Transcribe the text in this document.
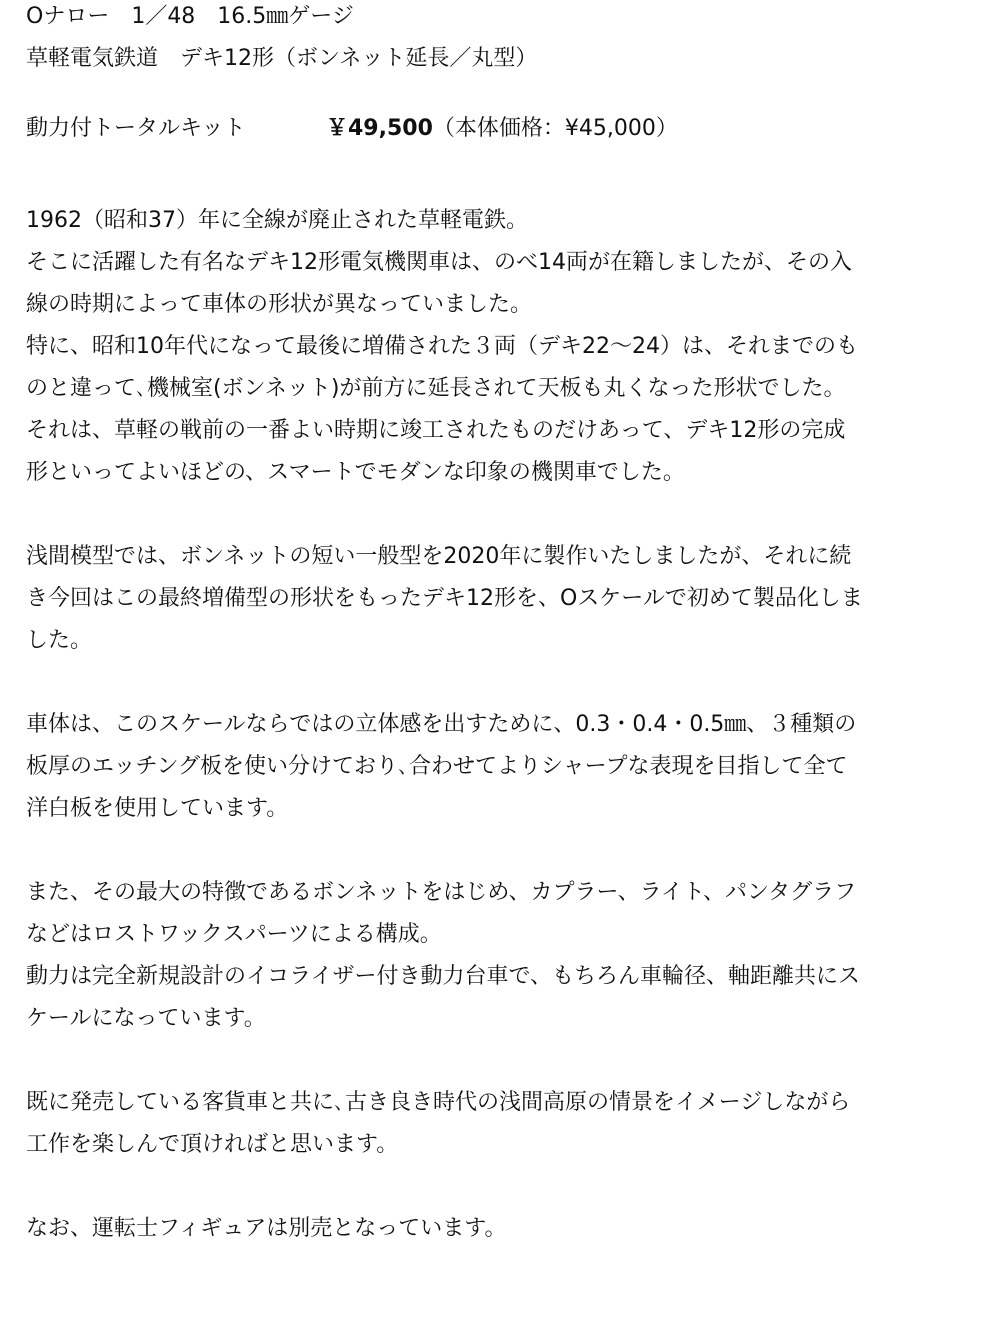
Oナロー　1／48　16.5㎜ゲージ
草軽電気鉄道　デキ12形（ボンネット延長／丸型）
動力付トータルキット	￥49,500 （本体価格：¥45,000）
1962（昭和37）年に全線が廃止された草軽電鉄。
そこに活躍した有名なデキ12形電気機関車は、のべ14両が在籍しましたが、その入
線の時期によって車体の形状が異なっていました。
特に、昭和10年代になって最後に増備された３両（デキ22～24）は、それまでのも
のと違って､機械室(ボンネット)が前方に延長されて天板も丸くなった形状でした。
それは、草軽の戦前の一番よい時期に竣工されたものだけあって、デキ12形の完成
形といってよいほどの、スマートでモダンな印象の機関車でした。
浅間模型では、ボンネットの短い一般型を2020年に製作いたしましたが、それに続
き今回はこの最終増備型の形状をもったデキ12形を、Oスケールで初めて製品化しま
した。
車体は、このスケールならではの立体感を出すために、0.3・0.4・0.5㎜、３種類の
板厚のエッチング板を使い分けており､合わせてよりシャープな表現を目指して全て
洋白板を使用しています。
また、その最大の特徴であるボンネットをはじめ、カプラー、ライト、パンタグラフ
などはロストワックスパーツによる構成。
動力は完全新規設計のイコライザー付き動力台車で、もちろん車輪径、軸距離共にス
ケールになっています。
既に発売している客貨車と共に､古き良き時代の浅間高原の情景をイメージしながら
工作を楽しんで頂ければと思います。
なお、運転士フィギュアは別売となっています。
